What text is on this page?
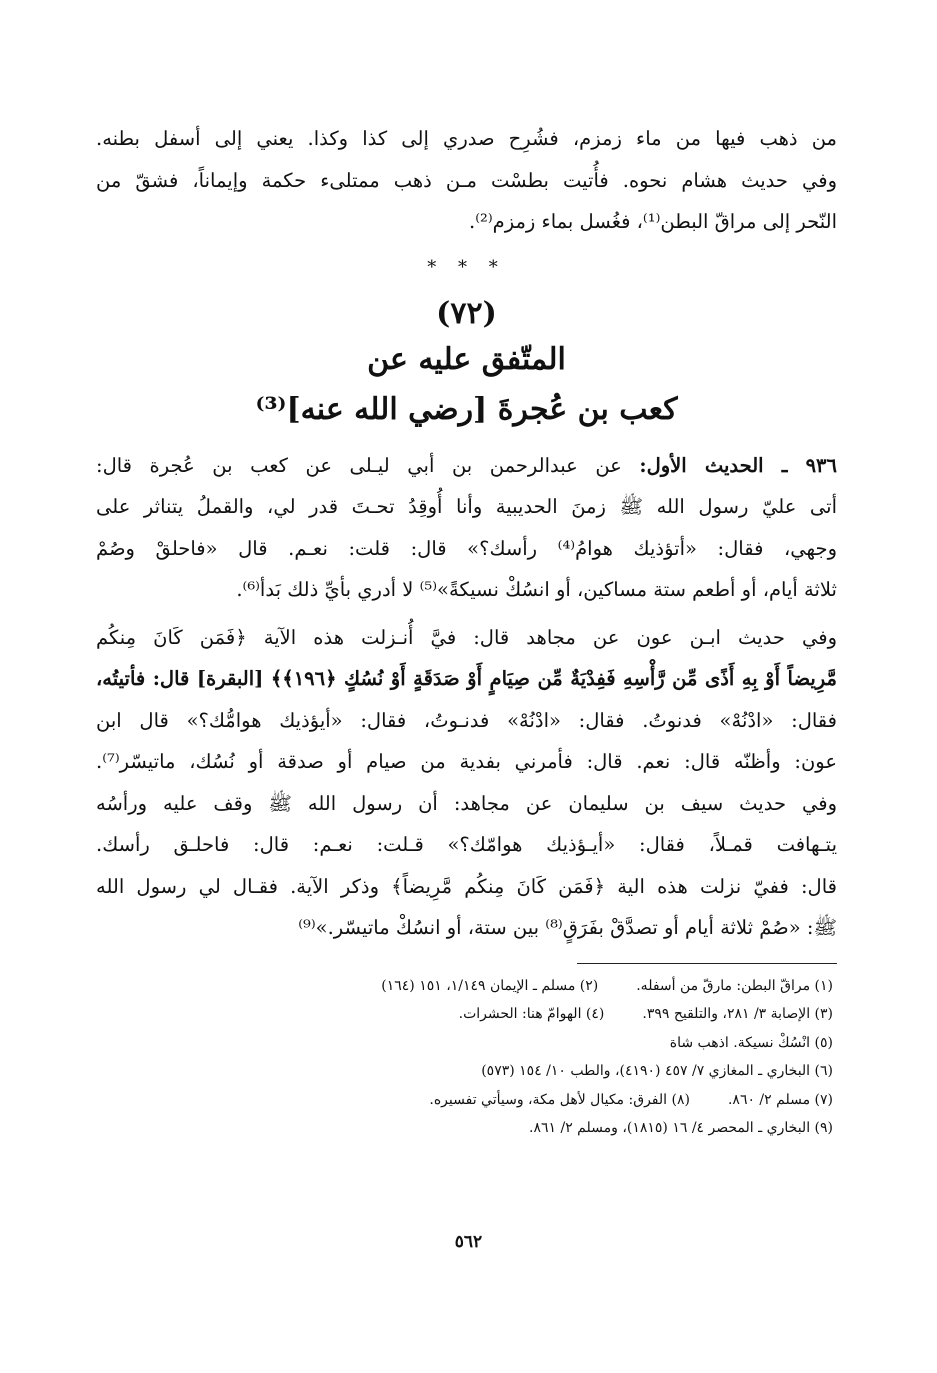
من ذهب فيها من ماء زمزم، فشُرِح صدري إلى كذا وكذا. يعني إلى أسفل بطنه.
وفي حديث هشام نحوه. فأُتيت بطسْت مـن ذهب ممتلىء حكمة وإيماناً، فشقّ من
النّحر إلى مراقّ البطن⁽¹⁾، فغُسل بماء زمزم⁽²⁾.

* * *
(٧٢)
المتّفق عليه عن
كعب بن عُجرةَ [رضي الله عنه]⁽³⁾

٩٣٦ ـ الحديث الأول: عن عبدالرحمن بن أبي ليـلى عن كعب بن عُجرة قال:
أتى عليّ رسول الله ﷺ زمنَ الحديبية وأنا أُوقِدُ تحـتَ قدر لي، والقملُ يتناثر على
وجهي، فقال: «أتؤذيك هوامُ⁽⁴⁾ رأسك؟» قال: قلت: نعـم. قال «فاحلقْ وصُمْ
ثلاثة أيام، أو أطعم ستة مساكين، أو انسُكْ نسيكةً»⁽⁵⁾ لا أدري بأيِّ ذلك بَدأ⁽⁶⁾.

وفي حديث ابـن عون عن مجاهد قال: فيَّ أُنـزلت هذه الآية ﴿فَمَن كَانَ مِنكُم
مَّرِيضاً أَوْ بِهِ أَذًى مِّن رَّأْسِهِ فَفِدْيَةٌ مِّن صِيَامٍ أَوْ صَدَقَةٍ أَوْ نُسُكٍ ﴿١٩٦﴾﴾ [البقرة] قال: فأتيتُه،
فقال: «ادْنُهْ» فدنوتُ. فقال: «ادْنُهْ» فدنـوتُ، فقال: «أيؤذيك هوامُّك؟» قال ابن
عون: وأظنّه قال: نعم. قال: فأمرني بفدية من صيام أو صدقة أو نُسُك، ماتيسّر⁽⁷⁾.
وفي حديث سيف بن سليمان عن مجاهد: أن رسول الله ﷺ وقف عليه ورأسُه
يتـهافت قمـلاً، فقال: «أيـؤذيك هوامّك؟» قـلت: نعـم: قال: فاحلـق رأسك.
قال: ففيّ نزلت هذه الية ﴿فَمَن كَانَ مِنكُم مَّرِيضاً﴾ وذكر الآية. فقـال لي رسول الله
ﷺ: «صُمْ ثلاثة أيام أو تصدَّقْ بفَرَقٍ⁽⁸⁾ بين ستة، أو انسُكْ ماتيسّر.»⁽⁹⁾

(١) مراقّ البطن: مارقّ من أسفله.
(٢) مسلم ـ الإيمان ١/١٤٩، ١٥١ (١٦٤)
(٣) الإصابة ٣/ ٢٨١، والتلقيح ٣٩٩.
(٤) الهوامّ هنا: الحشرات.
(٥) انْسُكْ نسيكة. اذهب شاة
(٦) البخاري ـ المغازي ٧/ ٤٥٧ (٤١٩٠)، والطب ١٠/ ١٥٤ (٥٧٣)
(٧) مسلم ٢/ ٨٦٠.
(٨) الفرق: مكيال لأهل مكة، وسيأتي تفسيره.
(٩) البخاري ـ المحصر ٤/ ١٦ (١٨١٥)، ومسلم ٢/ ٨٦١.
٥٦٢
